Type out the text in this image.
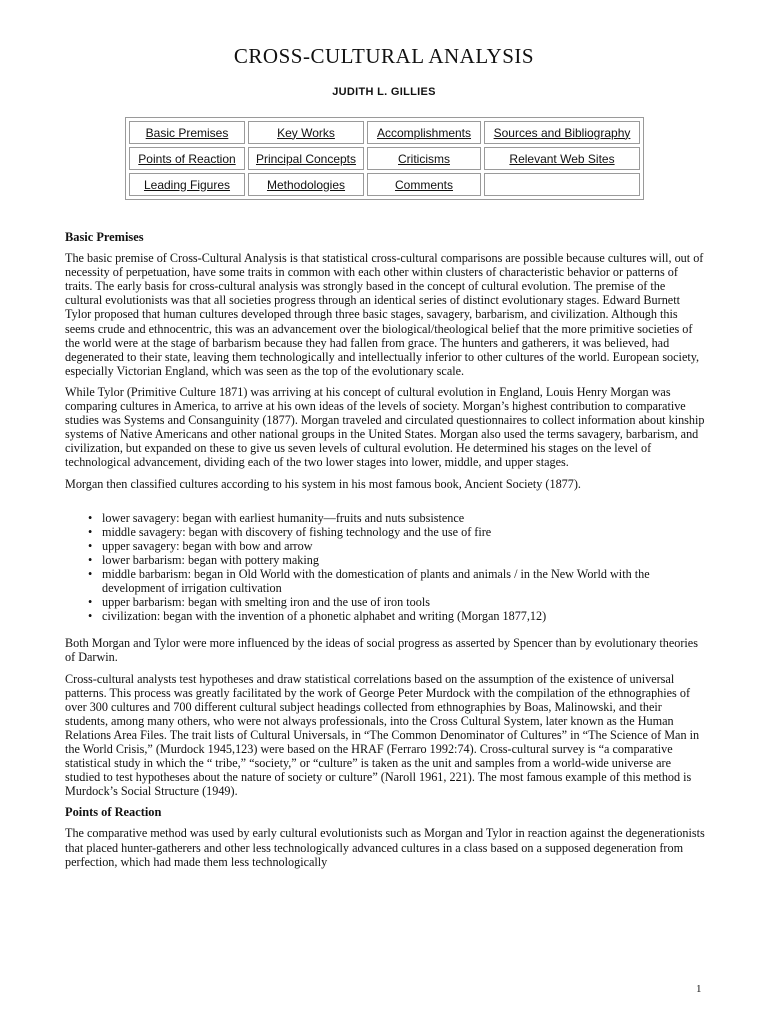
CROSS-CULTURAL ANALYSIS
JUDITH L. GILLIES
Basic Premises	Key Works	Accomplishments	Sources and Bibliography
Points of Reaction	Principal Concepts	Criticisms	Relevant Web Sites
Leading Figures	Methodologies	Comments	
Basic Premises

The basic premise of Cross-Cultural Analysis is that statistical cross-cultural comparisons are possible because cultures will, out of necessity of perpetuation, have some traits in common with each other within clusters of characteristic behavior or patterns of traits. The early basis for cross-cultural analysis was strongly based in the concept of cultural evolution. The premise of the cultural evolutionists was that all societies progress through an identical series of distinct evolutionary stages. Edward Burnett Tylor proposed that human cultures developed through three basic stages, savagery, barbarism, and civilization. Although this seems crude and ethnocentric, this was an advancement over the biological/theological belief that the more primitive societies of the world were at the stage of barbarism because they had fallen from grace. The hunters and gatherers, it was believed, had degenerated to their state, leaving them technologically and intellectually inferior to other cultures of the world. European society, especially Victorian England, which was seen as the top of the evolutionary scale.

While Tylor (Primitive Culture 1871) was arriving at his concept of cultural evolution in England, Louis Henry Morgan was comparing cultures in America, to arrive at his own ideas of the levels of society. Morgan’s highest contribution to comparative studies was Systems and Consanguinity (1877). Morgan traveled and circulated questionnaires to collect information about kinship systems of Native Americans and other national groups in the United States. Morgan also used the terms savagery, barbarism, and civilization, but expanded on these to give us seven levels of cultural evolution. He determined his stages on the level of technological advancement, dividing each of the two lower stages into lower, middle, and upper stages.

Morgan then classified cultures according to his system in his most famous book, Ancient Society (1877).

• lower savagery: began with earliest humanity—fruits and nuts subsistence
• middle savagery: began with discovery of fishing technology and the use of fire
• upper savagery: began with bow and arrow
• lower barbarism: began with pottery making
• middle barbarism: began in Old World with the domestication of plants and animals / in the New World with the development of irrigation cultivation
• upper barbarism: began with smelting iron and the use of iron tools
• civilization: began with the invention of a phonetic alphabet and writing (Morgan 1877,12)

Both Morgan and Tylor were more influenced by the ideas of social progress as asserted by Spencer than by evolutionary theories of Darwin.

Cross-cultural analysts test hypotheses and draw statistical correlations based on the assumption of the existence of universal patterns. This process was greatly facilitated by the work of George Peter Murdock with the compilation of the ethnographies of over 300 cultures and 700 different cultural subject headings collected from ethnographies by Boas, Malinowski, and their students, among many others, who were not always professionals, into the Cross Cultural System, later known as the Human Relations Area Files. The trait lists of Cultural Universals, in “The Common Denominator of Cultures” in “The Science of Man in the World Crisis,” (Murdock 1945,123) were based on the HRAF (Ferraro 1992:74). Cross-cultural survey is “a comparative statistical study in which the “ tribe,” “society,” or “culture” is taken as the unit and samples from a world-wide universe are studied to test hypotheses about the nature of society or culture” (Naroll 1961, 221). The most famous example of this method is Murdock’s Social Structure (1949).

Points of Reaction

The comparative method was used by early cultural evolutionists such as Morgan and Tylor in reaction against the degenerationists that placed hunter-gatherers and other less technologically advanced cultures in a class based on a supposed degeneration from perfection, which had made them less technologically

1
